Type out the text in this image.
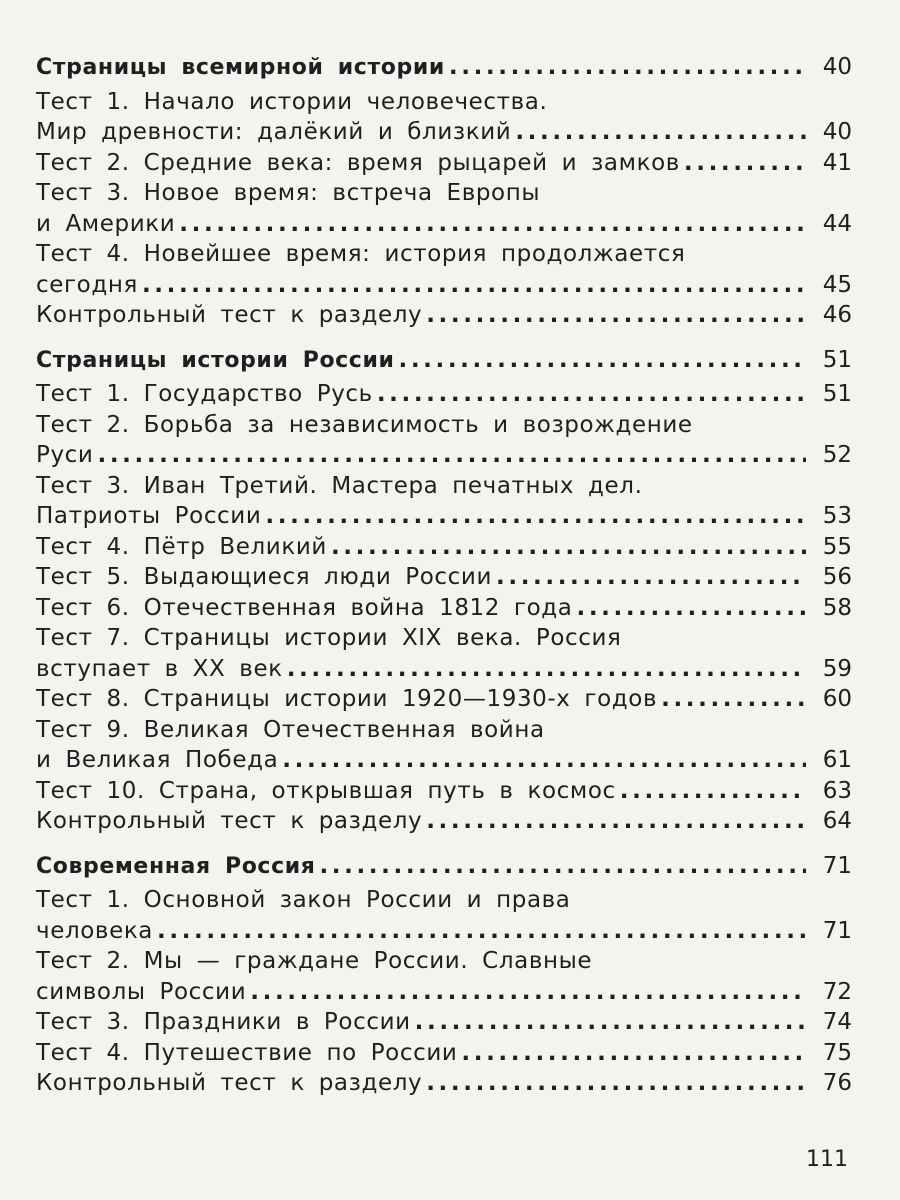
Страницы всемирной истории .....	40
Тест 1. Начало истории человечества.
Мир древности: далёкий и близкий .....	40
Тест 2. Средние века: время рыцарей и замков .....	41
Тест 3. Новое время: встреча Европы
и Америки .....	44
Тест 4. Новейшее время: история продолжается
сегодня .....	45
Контрольный тест к разделу .....	46
Страницы истории России .....	51
Тест 1. Государство Русь .....	51
Тест 2. Борьба за независимость и возрождение
Руси .....	52
Тест 3. Иван Третий. Мастера печатных дел.
Патриоты России .....	53
Тест 4. Пётр Великий .....	55
Тест 5. Выдающиеся люди России .....	56
Тест 6. Отечественная война 1812 года .....	58
Тест 7. Страницы истории XIX века. Россия
вступает в XX век .....	59
Тест 8. Страницы истории 1920—1930-х годов .....	60
Тест 9. Великая Отечественная война
и Великая Победа .....	61
Тест 10. Страна, открывшая путь в космос .....	63
Контрольный тест к разделу .....	64
Современная Россия .....	71
Тест 1. Основной закон России и права
человека .....	71
Тест 2. Мы — граждане России. Славные
символы России .....	72
Тест 3. Праздники в России .....	74
Тест 4. Путешествие по России .....	75
Контрольный тест к разделу .....	76
111
